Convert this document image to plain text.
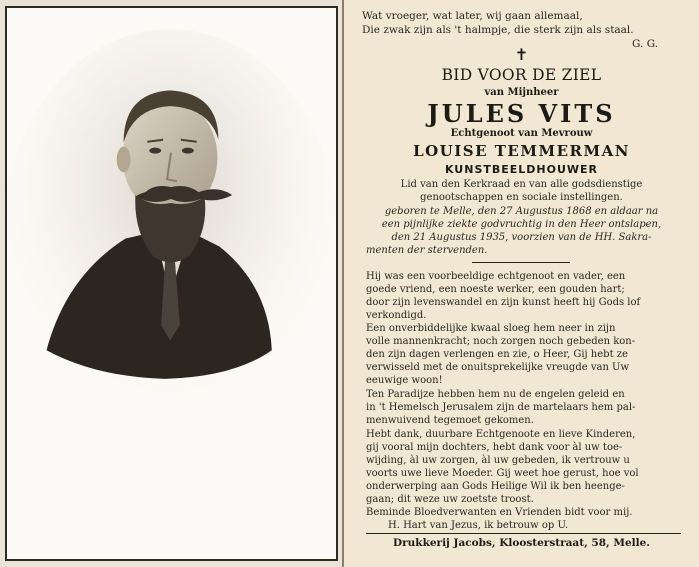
Wat vroeger, wat later, wij gaan allemaal,
Die zwak zijn als 't halmpje, die sterk zijn als staal.
G. G.
✝
BID VOOR DE ZIEL
van Mijnheer
JULES VITS
Echtgenoot van Mevrouw
LOUISE TEMMERMAN
KUNSTBEELDHOUWER
Lid van den Kerkraad en van alle godsdienstige
genootschappen en sociale instellingen.
geboren te Melle, den 27 Augustus 1868 en aldaar na
een pijnlijke ziekte godvruchtig in den Heer ontslapen,
den 21 Augustus 1935, voorzien van de HH. Sakra-
menten der stervenden.
Hij was een voorbeeldige echtgenoot en vader, een
goede vriend, een noeste werker, een gouden hart;
door zijn levenswandel en zijn kunst heeft hij Gods lof
verkondigd.
Een onverbiddelijke kwaal sloeg hem neer in zijn
volle mannenkracht; noch zorgen noch gebeden kon-
den zijn dagen verlengen en zie, o Heer, Gij hebt ze
verwisseld met de onuitsprekelijke vreugde van Uw
eeuwige woon!
Ten Paradijze hebben hem nu de engelen geleid en
in 't Hemelsch Jerusalem zijn de martelaars hem pal-
menwuivend tegemoet gekomen.
Hebt dank, duurbare Echtgenoote en lieve Kinderen,
gij vooral mijn dochters, hebt dank voor àl uw toe-
wijding, àl uw zorgen, àl uw gebeden, ik vertrouw u
voorts uwe lieve Moeder. Gij weet hoe gerust, hoe vol
onderwerping aan Gods Heilige Wil ik ben heenge-
gaan; dit weze uw zoetste troost.
Beminde Bloedverwanten en Vrienden bidt voor mij.
H. Hart van Jezus, ik betrouw op U.
Drukkerij Jacobs, Kloosterstraat, 58, Melle.
